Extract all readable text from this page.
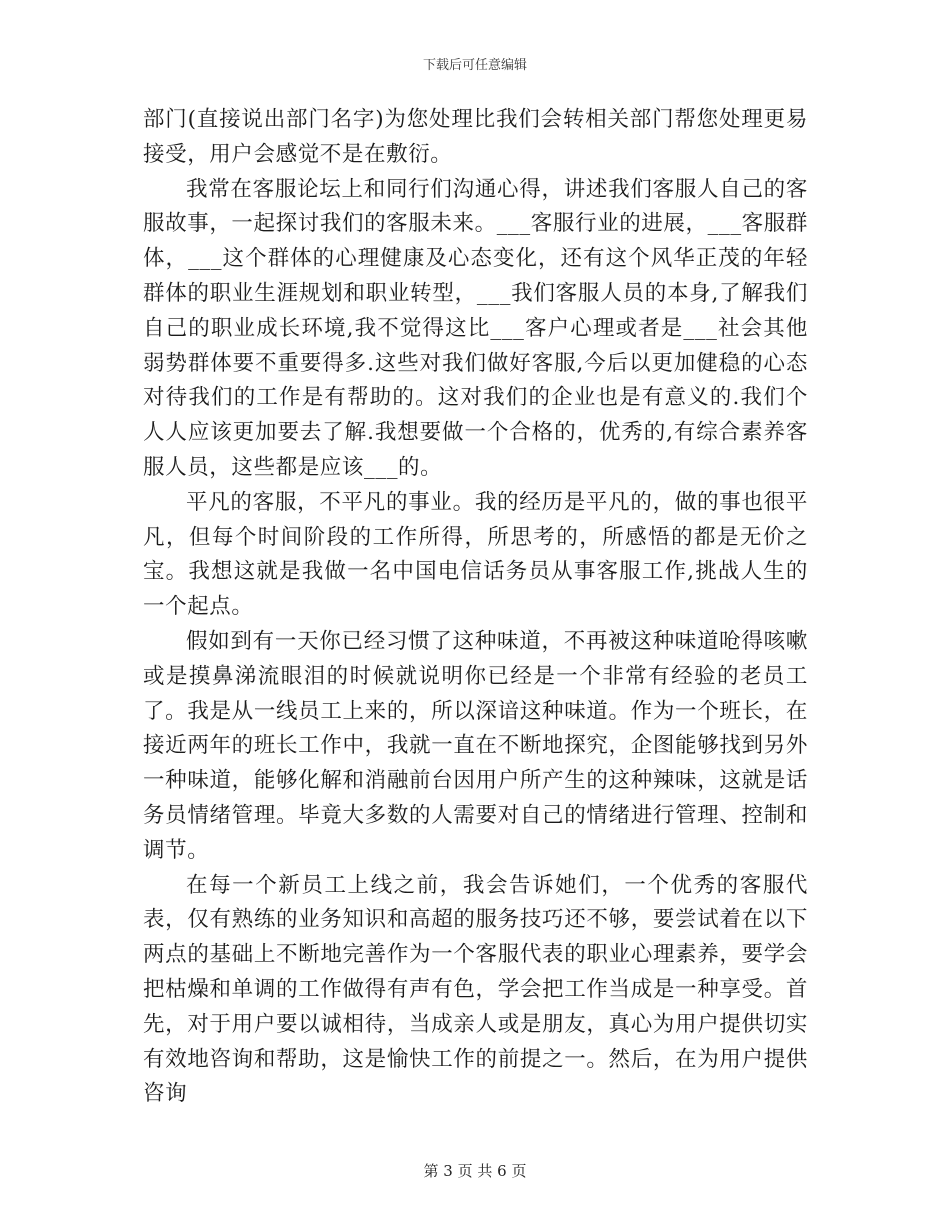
下载后可任意编辑

部门(直接说出部门名字)为您处理比我们会转相关部门帮您处理更易接受，用户会感觉不是在敷衍。

我常在客服论坛上和同行们沟通心得，讲述我们客服人自己的客服故事，一起探讨我们的客服未来。___客服行业的进展，___客服群体，___这个群体的心理健康及心态变化，还有这个风华正茂的年轻群体的职业生涯规划和职业转型，___我们客服人员的本身,了解我们自己的职业成长环境,我不觉得这比___客户心理或者是___社会其他弱势群体要不重要得多.这些对我们做好客服,今后以更加健稳的心态对待我们的工作是有帮助的。这对我们的企业也是有意义的.我们个人人应该更加要去了解.我想要做一个合格的，优秀的,有综合素养客服人员，这些都是应该___的。

平凡的客服，不平凡的事业。我的经历是平凡的，做的事也很平凡，但每个时间阶段的工作所得，所思考的，所感悟的都是无价之宝。我想这就是我做一名中国电信话务员从事客服工作,挑战人生的一个起点。

假如到有一天你已经习惯了这种味道，不再被这种味道呛得咳嗽或是摸鼻涕流眼泪的时候就说明你已经是一个非常有经验的老员工了。我是从一线员工上来的，所以深谙这种味道。作为一个班长，在接近两年的班长工作中，我就一直在不断地探究，企图能够找到另外一种味道，能够化解和消融前台因用户所产生的这种辣味，这就是话务员情绪管理。毕竟大多数的人需要对自己的情绪进行管理、控制和调节。

在每一个新员工上线之前，我会告诉她们，一个优秀的客服代表，仅有熟练的业务知识和高超的服务技巧还不够，要尝试着在以下两点的基础上不断地完善作为一个客服代表的职业心理素养，要学会把枯燥和单调的工作做得有声有色，学会把工作当成是一种享受。首先，对于用户要以诚相待，当成亲人或是朋友，真心为用户提供切实有效地咨询和帮助，这是愉快工作的前提之一。然后，在为用户提供咨询

第 3 页 共 6 页
